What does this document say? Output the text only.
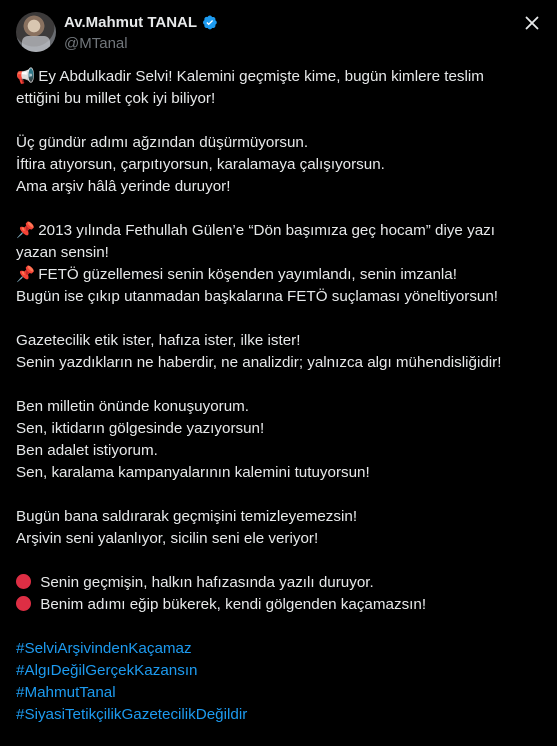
Av.Mahmut TANAL
@MTanal
📢 Ey Abdulkadir Selvi! Kalemini geçmişte kime, bugün kimlere teslim
ettiğini bu millet çok iyi biliyor!
Üç gündür adımı ağzından düşürmüyorsun.
İftira atıyorsun, çarpıtıyorsun, karalamaya çalışıyorsun.
Ama arşiv hâlâ yerinde duruyor!
📌 2013 yılında Fethullah Gülen’e “Dön başımıza geç hocam” diye yazı
yazan sensin!
📌 FETÖ güzellemesi senin köşenden yayımlandı, senin imzanla!
Bugün ise çıkıp utanmadan başkalarına FETÖ suçlaması yöneltiyorsun!
Gazetecilik etik ister, hafıza ister, ilke ister!
Senin yazdıkların ne haberdir, ne analizdir; yalnızca algı mühendisliğidir!
Ben milletin önünde konuşuyorum.
Sen, iktidarın gölgesinde yazıyorsun!
Ben adalet istiyorum.
Sen, karalama kampanyalarının kalemini tutuyorsun!
Bugün bana saldırarak geçmişini temizleyemezsin!
Arşivin seni yalanlıyor, sicilin seni ele veriyor!
Senin geçmişin, halkın hafızasında yazılı duruyor.
Benim adımı eğip bükerek, kendi gölgenden kaçamazsın!
#SelviArşivindenKaçamaz
#AlgıDeğilGerçekKazansın
#MahmutTanal
#SiyasiTetikçilikGazetecilikDeğildir
